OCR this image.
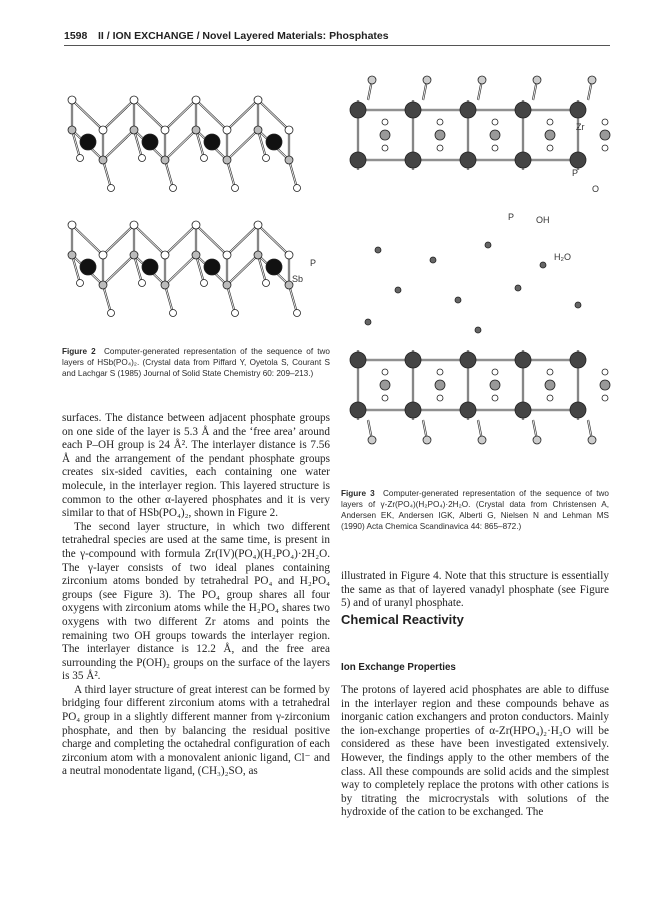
1598 II / ION EXCHANGE / Novel Layered Materials: Phosphates
P
Sb
Figure 2 Computer-generated representation of the sequence of two layers of HSb(PO₄)₂. (Crystal data from Piffard Y, Oyetola S, Courant S and Lachgar S (1985) Journal of Solid State Chemistry 60: 209–213.)
Zr
P
O
P OH
H₂O
Figure 3 Computer-generated representation of the sequence of two layers of γ-Zr(PO₄)(H₂PO₄)·2H₂O. (Crystal data from Christensen A, Andersen EK, Andersen IGK, Alberti G, Nielsen N and Lehman MS (1990) Acta Chemica Scandinavica 44: 865–872.)

surfaces. The distance between adjacent phosphate groups on one side of the layer is 5.3 Å and the ‘free area’ around each P–OH group is 24 Å². The interlayer distance is 7.56 Å and the arrangement of the pendant phosphate groups creates six-sided cavities, each containing one water molecule, in the interlayer region. This layered structure is common to the other α-layered phosphates and it is very similar to that of HSb(PO₄)₂, shown in Figure 2.

The second layer structure, in which two different tetrahedral species are used at the same time, is present in the γ-compound with formula Zr(IV)(PO₄)(H₂PO₄)·2H₂O. The γ-layer consists of two ideal planes containing zirconium atoms bonded by tetrahedral PO₄ and H₂PO₄ groups (see Figure 3). The PO₄ group shares all four oxygens with zirconium atoms while the H₂PO₄ shares two oxygens with two different Zr atoms and points the remaining two OH groups towards the interlayer region. The interlayer distance is 12.2 Å, and the free area surrounding the P(OH)₂ groups on the surface of the layers is 35 Å².

A third layer structure of great interest can be formed by bridging four different zirconium atoms with a tetrahedral PO₄ group in a slightly different manner from γ-zirconium phosphate, and then by balancing the residual positive charge and completing the octahedral configuration of each zirconium atom with a monovalent anionic ligand, Cl⁻ and a neutral monodentate ligand, (CH₃)₂SO, as

illustrated in Figure 4. Note that this structure is essentially the same as that of layered vanadyl phosphate (see Figure 5) and of uranyl phosphate.

Chemical Reactivity
Ion Exchange Properties

The protons of layered acid phosphates are able to diffuse in the interlayer region and these compounds behave as inorganic cation exchangers and proton conductors. Mainly the ion-exchange properties of α-Zr(HPO₄)₂·H₂O will be considered as these have been investigated extensively. However, the findings apply to the other members of the class. All these compounds are solid acids and the simplest way to completely replace the protons with other cations is by titrating the microcrystals with solutions of the hydroxide of the cation to be exchanged. The
